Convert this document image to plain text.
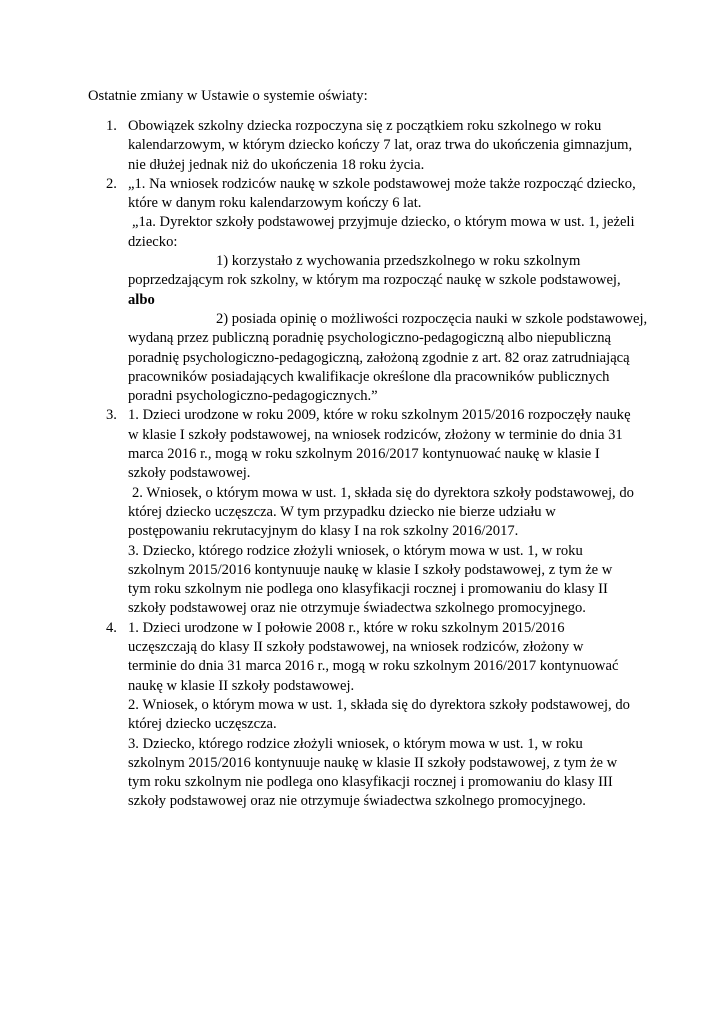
Ostatnie zmiany w Ustawie o systemie oświaty:
1. Obowiązek szkolny dziecka rozpoczyna się z początkiem roku szkolnego w roku
kalendarzowym, w którym dziecko kończy 7 lat, oraz trwa do ukończenia gimnazjum,
nie dłużej jednak niż do ukończenia 18 roku życia.
2. „1. Na wniosek rodziców naukę w szkole podstawowej może także rozpocząć dziecko,
które w danym roku kalendarzowym kończy 6 lat.
„1a. Dyrektor szkoły podstawowej przyjmuje dziecko, o którym mowa w ust. 1, jeżeli
dziecko:
1) korzystało z wychowania przedszkolnego w roku szkolnym
poprzedzającym rok szkolny, w którym ma rozpocząć naukę w szkole podstawowej,
albo
2) posiada opinię o możliwości rozpoczęcia nauki w szkole podstawowej,
wydaną przez publiczną poradnię psychologiczno-pedagogiczną albo niepubliczną
poradnię psychologiczno-pedagogiczną, założoną zgodnie z art. 82 oraz zatrudniającą
pracowników posiadających kwalifikacje określone dla pracowników publicznych
poradni psychologiczno-pedagogicznych.”
3. 1. Dzieci urodzone w roku 2009, które w roku szkolnym 2015/2016 rozpoczęły naukę
w klasie I szkoły podstawowej, na wniosek rodziców, złożony w terminie do dnia 31
marca 2016 r., mogą w roku szkolnym 2016/2017 kontynuować naukę w klasie I
szkoły podstawowej.
2. Wniosek, o którym mowa w ust. 1, składa się do dyrektora szkoły podstawowej, do
której dziecko uczęszcza. W tym przypadku dziecko nie bierze udziału w
postępowaniu rekrutacyjnym do klasy I na rok szkolny 2016/2017.
3. Dziecko, którego rodzice złożyli wniosek, o którym mowa w ust. 1, w roku
szkolnym 2015/2016 kontynuuje naukę w klasie I szkoły podstawowej, z tym że w
tym roku szkolnym nie podlega ono klasyfikacji rocznej i promowaniu do klasy II
szkoły podstawowej oraz nie otrzymuje świadectwa szkolnego promocyjnego.
4. 1. Dzieci urodzone w I połowie 2008 r., które w roku szkolnym 2015/2016
uczęszczają do klasy II szkoły podstawowej, na wniosek rodziców, złożony w
terminie do dnia 31 marca 2016 r., mogą w roku szkolnym 2016/2017 kontynuować
naukę w klasie II szkoły podstawowej.
2. Wniosek, o którym mowa w ust. 1, składa się do dyrektora szkoły podstawowej, do
której dziecko uczęszcza.
3. Dziecko, którego rodzice złożyli wniosek, o którym mowa w ust. 1, w roku
szkolnym 2015/2016 kontynuuje naukę w klasie II szkoły podstawowej, z tym że w
tym roku szkolnym nie podlega ono klasyfikacji rocznej i promowaniu do klasy III
szkoły podstawowej oraz nie otrzymuje świadectwa szkolnego promocyjnego.
